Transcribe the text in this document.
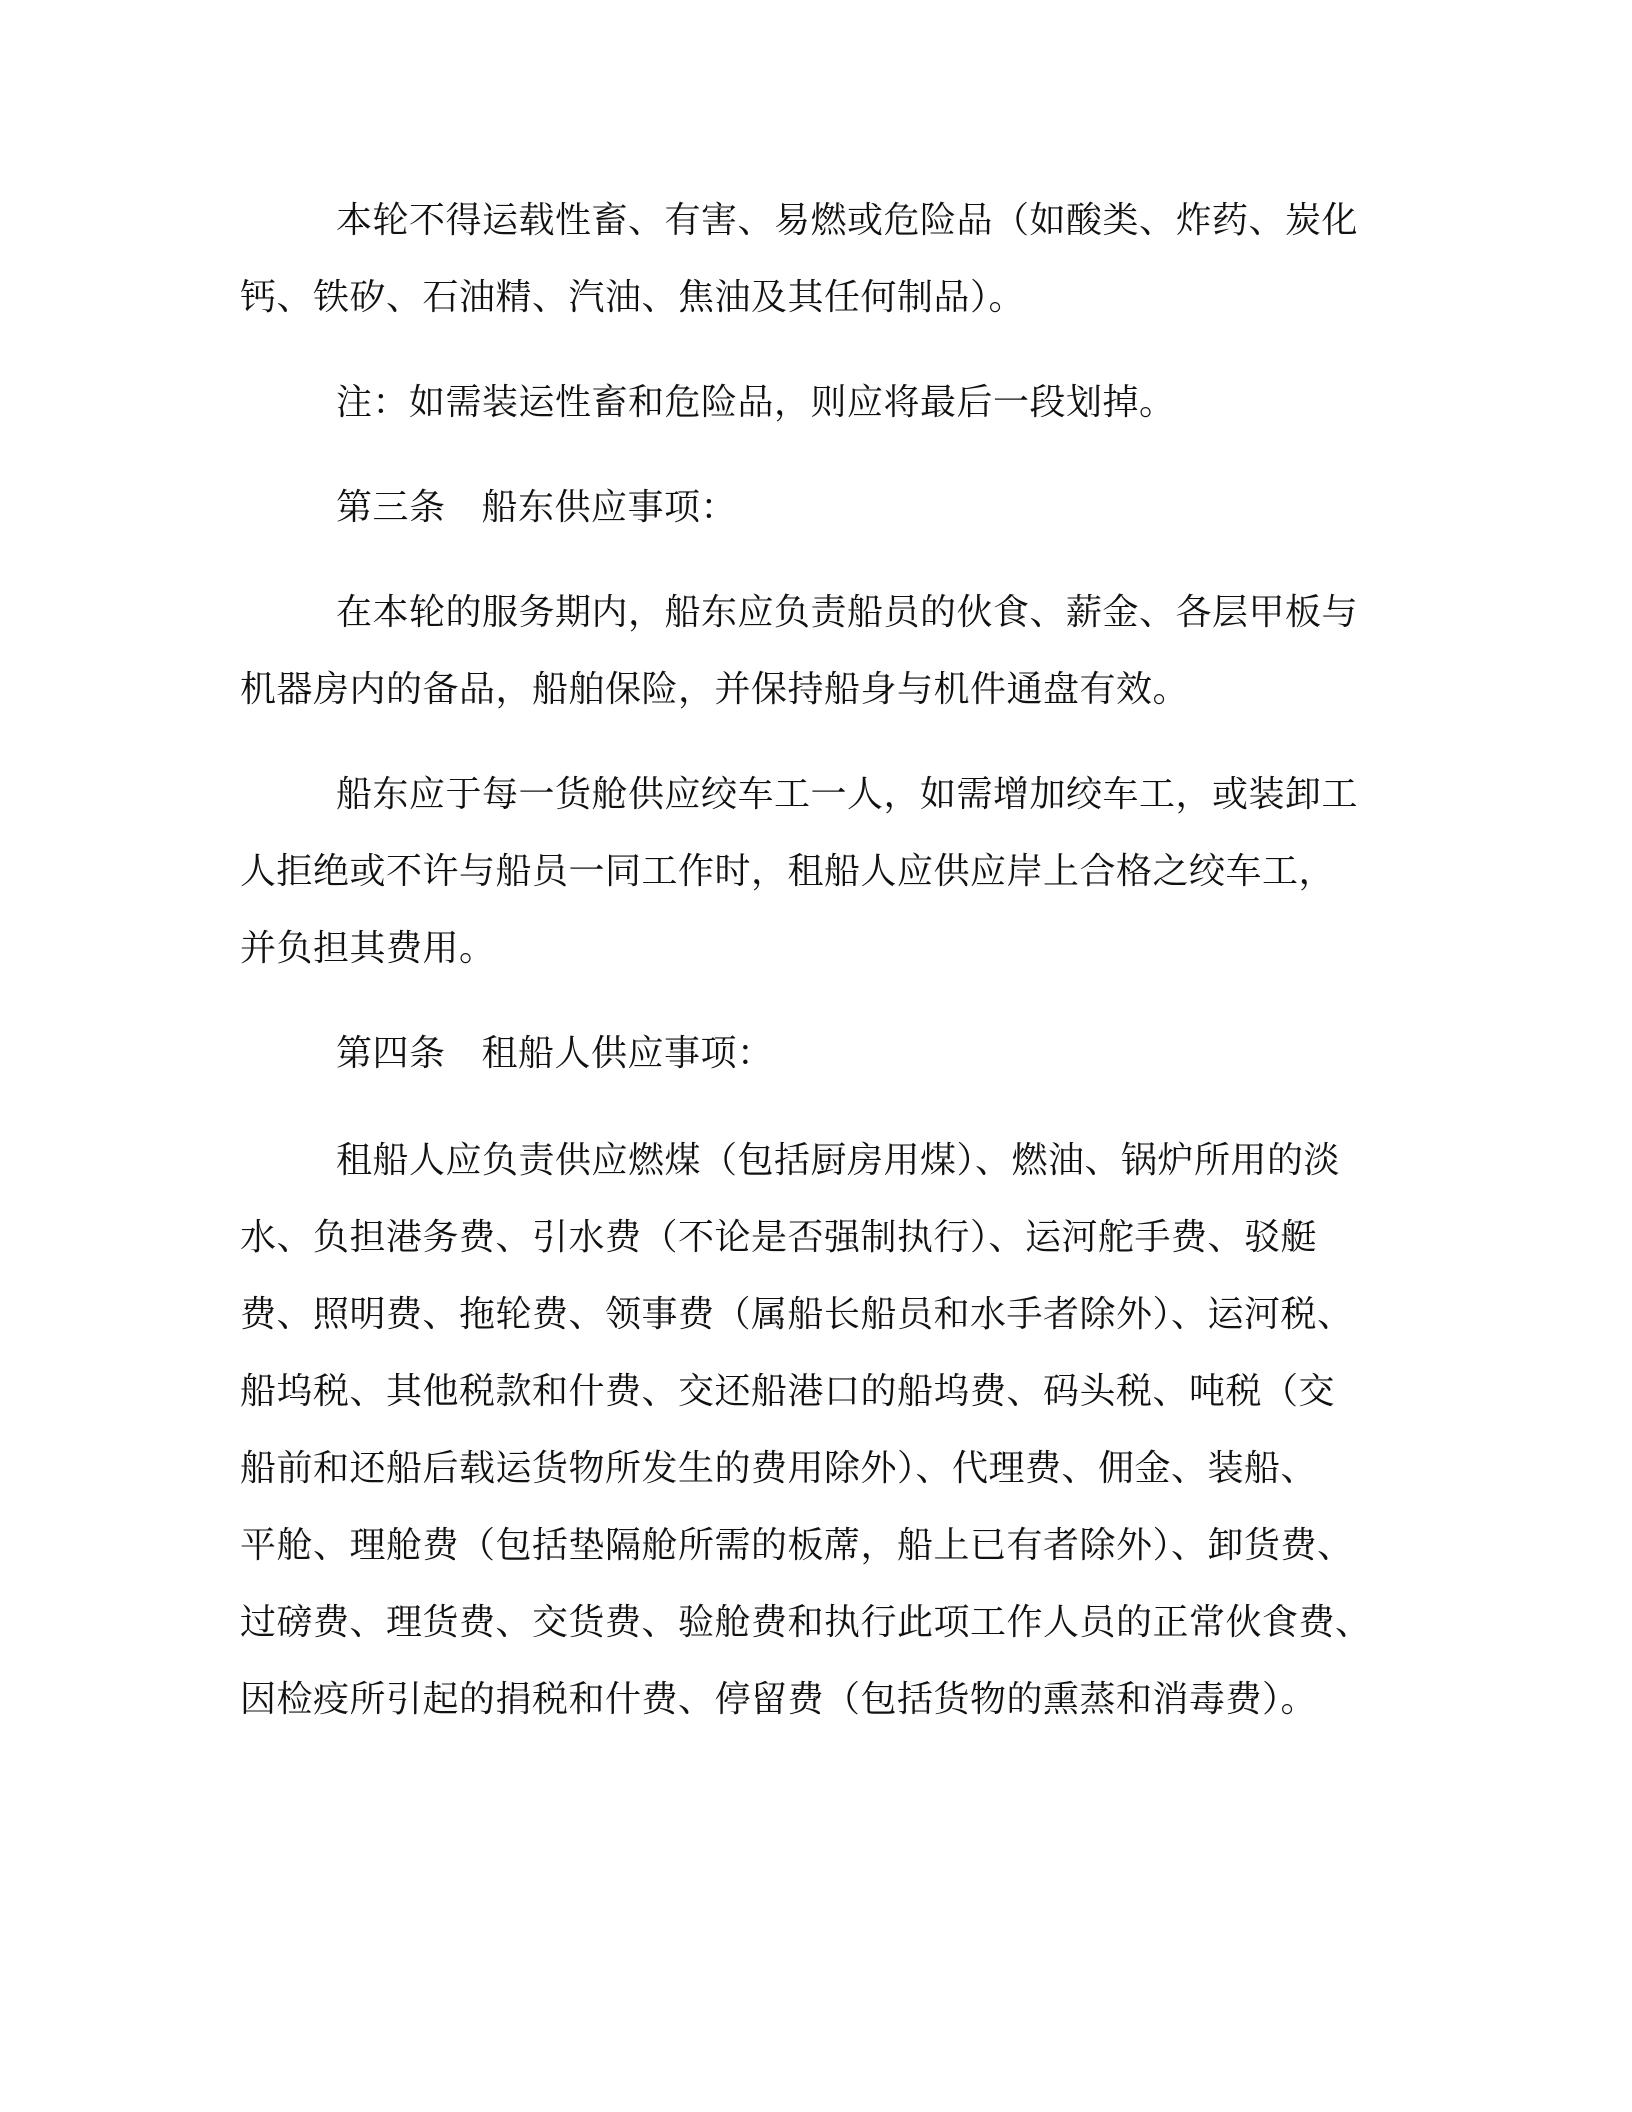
本轮不得运载性畜、有害、易燃或危险品（如酸类、炸药、炭化
钙、铁矽、石油精、汽油、焦油及其任何制品）。

注：如需装运性畜和危险品，则应将最后一段划掉。

第三条 船东供应事项：

在本轮的服务期内，船东应负责船员的伙食、薪金、各层甲板与
机器房内的备品，船舶保险，并保持船身与机件通盘有效。

船东应于每一货舱供应绞车工一人，如需增加绞车工，或装卸工
人拒绝或不许与船员一同工作时，租船人应供应岸上合格之绞车工，
并负担其费用。

第四条 租船人供应事项：

租船人应负责供应燃煤（包括厨房用煤）、燃油、锅炉所用的淡
水、负担港务费、引水费（不论是否强制执行）、运河舵手费、驳艇
费、照明费、拖轮费、领事费（属船长船员和水手者除外）、运河税、
船坞税、其他税款和什费、交还船港口的船坞费、码头税、吨税（交
船前和还船后载运货物所发生的费用除外）、代理费、佣金、装船、
平舱、理舱费（包括垫隔舱所需的板蓆，船上已有者除外）、卸货费、
过磅费、理货费、交货费、验舱费和执行此项工作人员的正常伙食费、
因检疫所引起的捐税和什费、停留费（包括货物的熏蒸和消毒费）。
